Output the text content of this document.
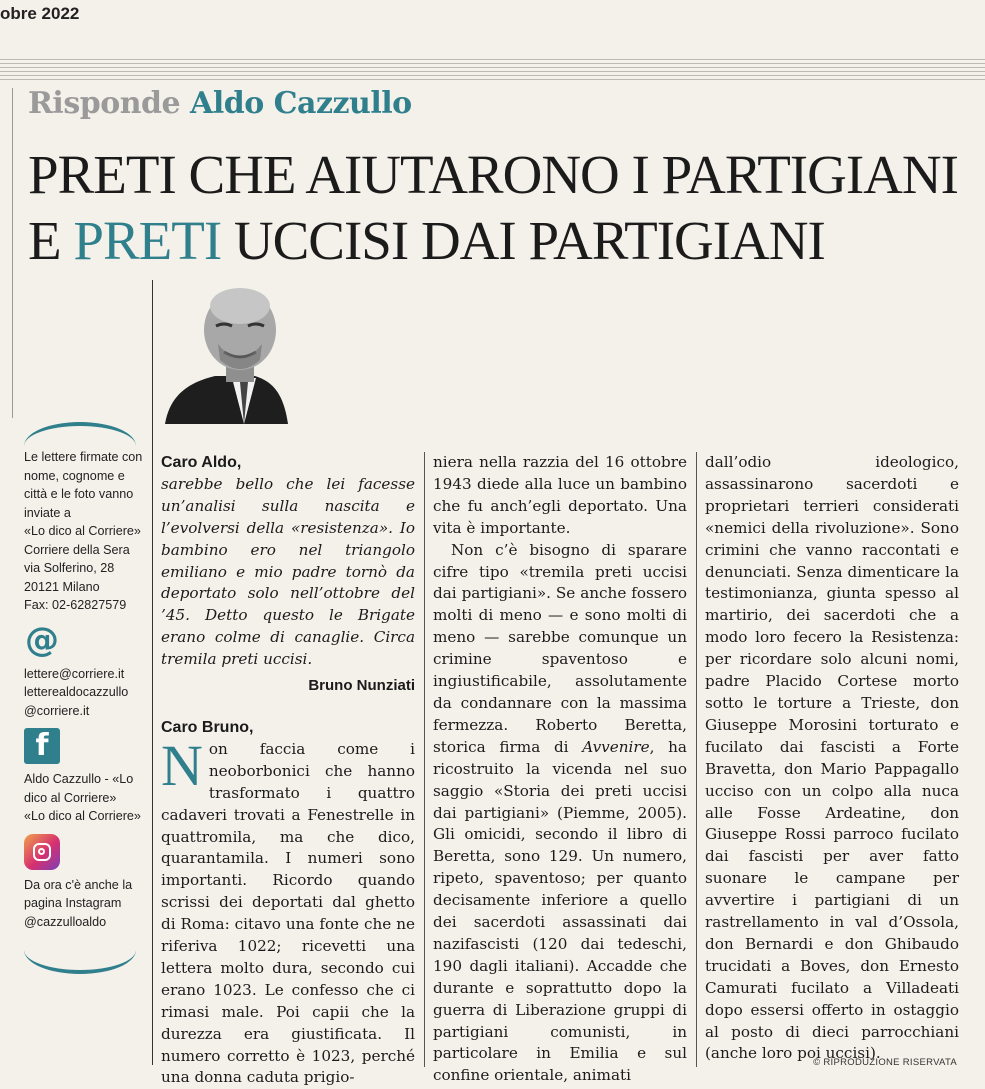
obre 2022
Risponde Aldo Cazzullo
PRETI CHE AIUTARONO I PARTIGIANI
E PRETI UCCISI DAI PARTIGIANI
Le lettere firmate con nome, cognome e città e le foto vanno inviate a
«Lo dico al Corriere»
Corriere della Sera
via Solferino, 28
20121 Milano
Fax: 02-62827579
@
lettere@corriere.it
letterealdocazzullo
@corriere.it
f
Aldo Cazzullo - «Lo
dico al Corriere»
«Lo dico al Corriere»
Da ora c'è anche la
pagina Instagram
@cazzulloaldo
Caro Aldo,

sarebbe bello che lei facesse un’analisi sulla nascita e l’evolversi della «resistenza». Io bambino ero nel triangolo emiliano e mio padre tornò da deportato solo nell’ottobre del ’45. Detto questo le Brigate erano colme di canaglie. Circa tremila preti uccisi.

Bruno Nunziati
Caro Bruno,

Non faccia come i neoborbonici che hanno trasformato i quattro cadaveri trovati a Fenestrelle in quattromila, ma che dico, quarantamila. I numeri sono importanti. Ricordo quando scrissi dei deportati dal ghetto di Roma: citavo una fonte che ne riferiva 1022; ricevetti una lettera molto dura, secondo cui erano 1023. Le confesso che ci rimasi male. Poi capii che la durezza era giustificata. Il numero corretto è 1023, perché una donna caduta prigio-

niera nella razzia del 16 ottobre 1943 diede alla luce un bambino che fu anch’egli deportato. Una vita è importante.

Non c’è bisogno di sparare cifre tipo «tremila preti uccisi dai partigiani». Se anche fossero molti di meno — e sono molti di meno — sarebbe comunque un crimine spaventoso e ingiustificabile, assolutamente da condannare con la massima fermezza. Roberto Beretta, storica firma di Avvenire, ha ricostruito la vicenda nel suo saggio «Storia dei preti uccisi dai partigiani» (Piemme, 2005). Gli omicidi, secondo il libro di Beretta, sono 129. Un numero, ripeto, spaventoso; per quanto decisamente inferiore a quello dei sacerdoti assassinati dai nazifascisti (120 dai tedeschi, 190 dagli italiani). Accadde che durante e soprattutto dopo la guerra di Liberazione gruppi di partigiani comunisti, in particolare in Emilia e sul confine orientale, animati

dall’odio ideologico, assassinarono sacerdoti e proprietari terrieri considerati «nemici della rivoluzione». Sono crimini che vanno raccontati e denunciati. Senza dimenticare la testimonianza, giunta spesso al martirio, dei sacerdoti che a modo loro fecero la Resistenza: per ricordare solo alcuni nomi, padre Placido Cortese morto sotto le torture a Trieste, don Giuseppe Morosini torturato e fucilato dai fascisti a Forte Bravetta, don Mario Pappagallo ucciso con un colpo alla nuca alle Fosse Ardeatine, don Giuseppe Rossi parroco fucilato dai fascisti per aver fatto suonare le campane per avvertire i partigiani di un rastrellamento in val d’Ossola, don Bernardi e don Ghibaudo trucidati a Boves, don Ernesto Camurati fucilato a Villadeati dopo essersi offerto in ostaggio al posto di dieci parrocchiani (anche loro poi uccisi).

© RIPRODUZIONE RISERVATA
